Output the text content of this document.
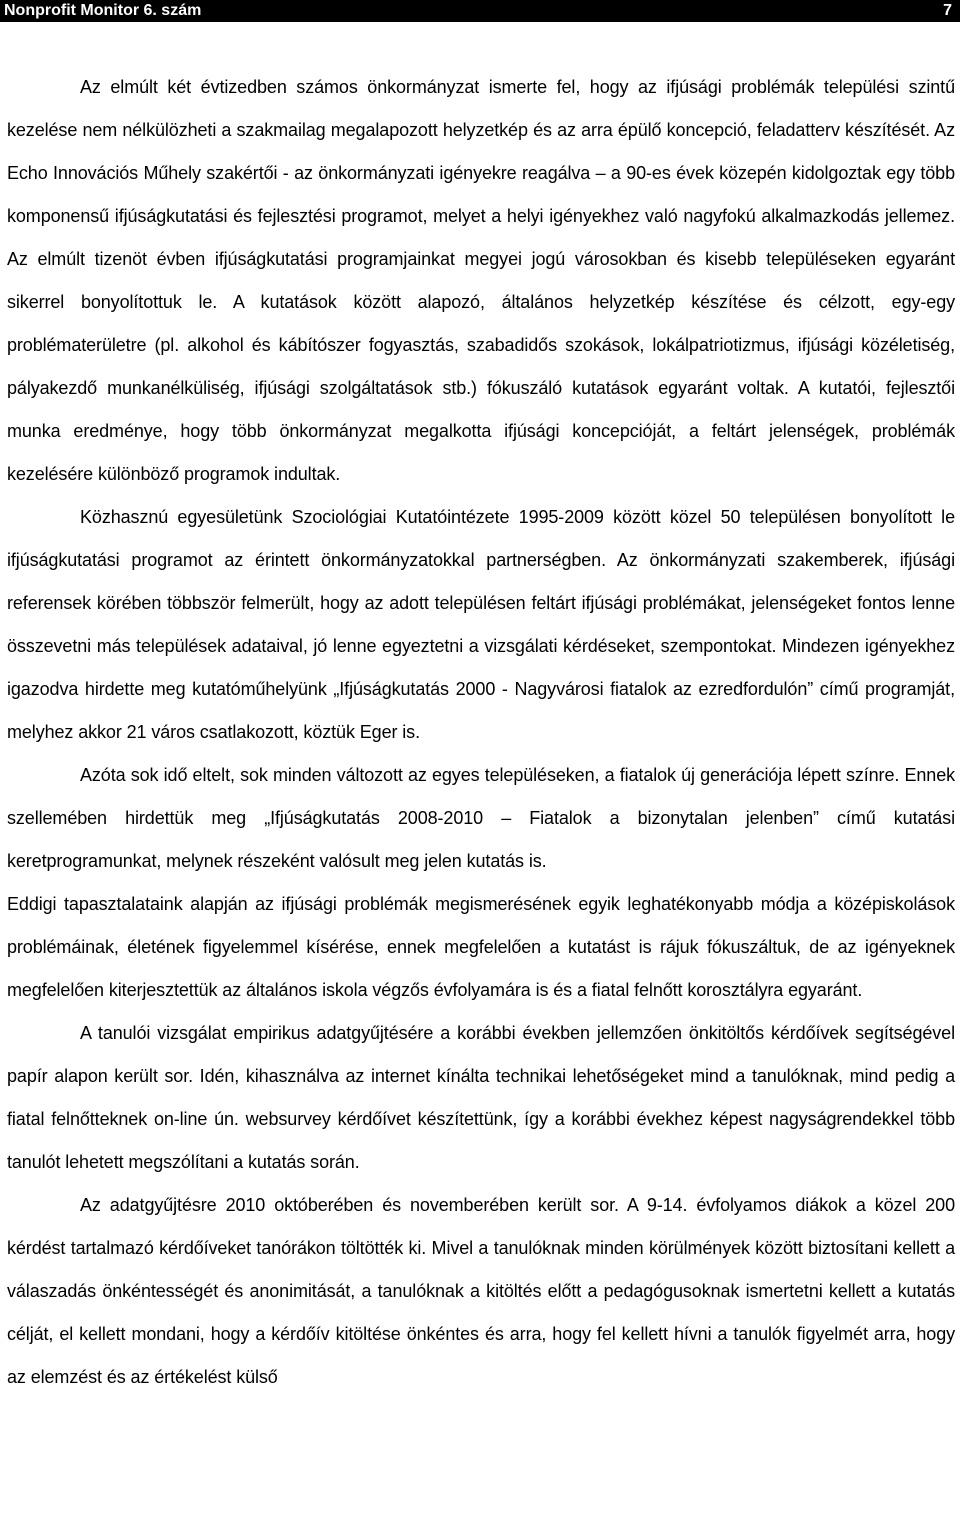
Nonprofit Monitor 6. szám	7

Az elmúlt két évtizedben számos önkormányzat ismerte fel, hogy az ifjúsági problémák települési szintű kezelése nem nélkülözheti a szakmailag megalapozott helyzetkép és az arra épülő koncepció, feladatterv készítését. Az Echo Innovációs Műhely szakértői - az önkormányzati igényekre reagálva – a 90-es évek közepén kidolgoztak egy több komponensű ifjúságkutatási és fejlesztési programot, melyet a helyi igényekhez való nagyfokú alkalmazkodás jellemez. Az elmúlt tizenöt évben ifjúságkutatási programjainkat megyei jogú városokban és kisebb településeken egyaránt sikerrel bonyolítottuk le. A kutatások között alapozó, általános helyzetkép készítése és célzott, egy-egy problématerületre (pl. alkohol és kábítószer fogyasztás, szabadidős szokások, lokálpatriotizmus, ifjúsági közéletiség, pályakezdő munkanélküliség, ifjúsági szolgáltatások stb.) fókuszáló kutatások egyaránt voltak. A kutatói, fejlesztői munka eredménye, hogy több önkormányzat megalkotta ifjúsági koncepcióját, a feltárt jelenségek, problémák kezelésére különböző programok indultak.

Közhasznú egyesületünk Szociológiai Kutatóintézete 1995-2009 között közel 50 településen bonyolított le ifjúságkutatási programot az érintett önkormányzatokkal partnerségben. Az önkormányzati szakemberek, ifjúsági referensek körében többször felmerült, hogy az adott településen feltárt ifjúsági problémákat, jelenségeket fontos lenne összevetni más települések adataival, jó lenne egyeztetni a vizsgálati kérdéseket, szempontokat. Mindezen igényekhez igazodva hirdette meg kutatóműhelyünk „Ifjúságkutatás 2000 - Nagyvárosi fiatalok az ezredfordulón” című programját, melyhez akkor 21 város csatlakozott, köztük Eger is.

Azóta sok idő eltelt, sok minden változott az egyes településeken, a fiatalok új generációja lépett színre. Ennek szellemében hirdettük meg „Ifjúságkutatás 2008-2010 – Fiatalok a bizonytalan jelenben” című kutatási keretprogramunkat, melynek részeként valósult meg jelen kutatás is.

Eddigi tapasztalataink alapján az ifjúsági problémák megismerésének egyik leghatékonyabb módja a középiskolások problémáinak, életének figyelemmel kísérése, ennek megfelelően a kutatást is rájuk fókuszáltuk, de az igényeknek megfelelően kiterjesztettük az általános iskola végzős évfolyamára is és a fiatal felnőtt korosztályra egyaránt.

A tanulói vizsgálat empirikus adatgyűjtésére a korábbi években jellemzően önkitöltős kérdőívek segítségével papír alapon került sor. Idén, kihasználva az internet kínálta technikai lehetőségeket mind a tanulóknak, mind pedig a fiatal felnőtteknek on-line ún. websurvey kérdőívet készítettünk, így a korábbi évekhez képest nagyságrendekkel több tanulót lehetett megszólítani a kutatás során.

Az adatgyűjtésre 2010 októberében és novemberében került sor. A 9-14. évfolyamos diákok a közel 200 kérdést tartalmazó kérdőíveket tanórákon töltötték ki. Mivel a tanulóknak minden körülmények között biztosítani kellett a válaszadás önkéntességét és anonimitását, a tanulóknak a kitöltés előtt a pedagógusoknak ismertetni kellett a kutatás célját, el kellett mondani, hogy a kérdőív kitöltése önkéntes és arra, hogy fel kellett hívni a tanulók figyelmét arra, hogy az elemzést és az értékelést külső
